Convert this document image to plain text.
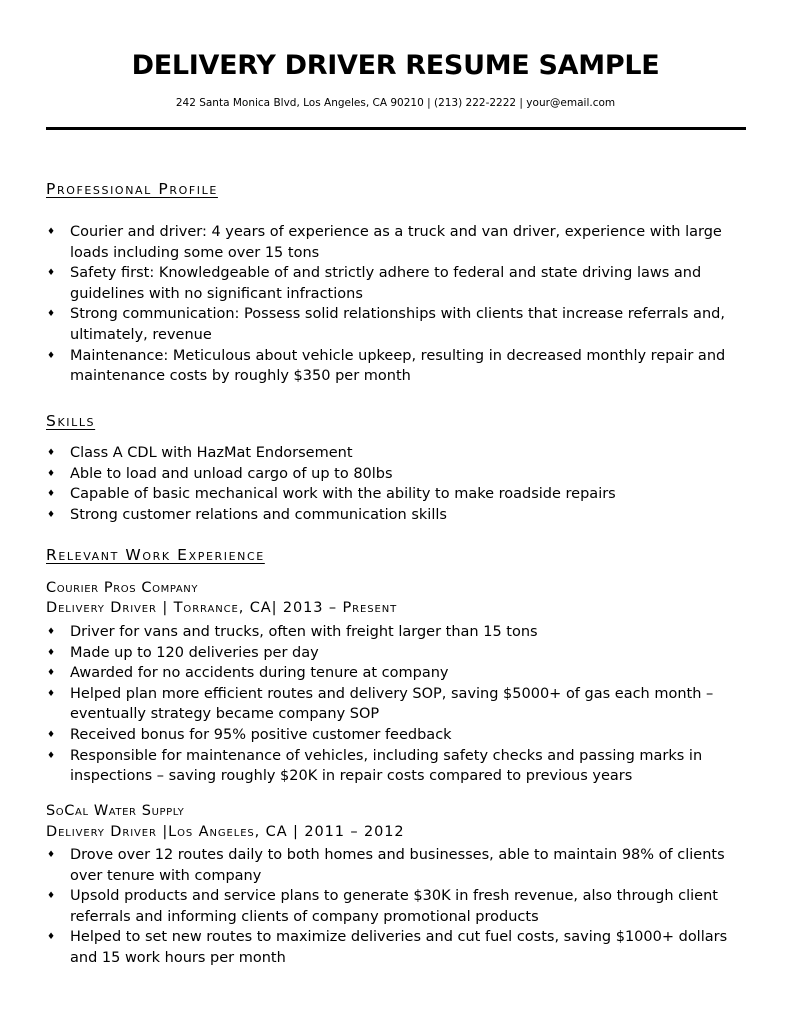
DELIVERY DRIVER RESUME SAMPLE
242 Santa Monica Blvd, Los Angeles, CA 90210 | (213) 222-2222 | your@email.com
Professional Profile
♦ Courier and driver: 4 years of experience as a truck and van driver, experience with large loads including some over 15 tons
♦ Safety first: Knowledgeable of and strictly adhere to federal and state driving laws and guidelines with no significant infractions
♦ Strong communication: Possess solid relationships with clients that increase referrals and, ultimately, revenue
♦ Maintenance: Meticulous about vehicle upkeep, resulting in decreased monthly repair and maintenance costs by roughly $350 per month
Skills
♦ Class A CDL with HazMat Endorsement
♦ Able to load and unload cargo of up to 80lbs
♦ Capable of basic mechanical work with the ability to make roadside repairs
♦ Strong customer relations and communication skills
Relevant Work Experience
Courier Pros Company
Delivery Driver | Torrance, CA| 2013 – Present
♦ Driver for vans and trucks, often with freight larger than 15 tons
♦ Made up to 120 deliveries per day
♦ Awarded for no accidents during tenure at company
♦ Helped plan more efficient routes and delivery SOP, saving $5000+ of gas each month – eventually strategy became company SOP
♦ Received bonus for 95% positive customer feedback
♦ Responsible for maintenance of vehicles, including safety checks and passing marks in inspections – saving roughly $20K in repair costs compared to previous years
SoCal Water Supply
Delivery Driver |Los Angeles, CA | 2011 – 2012
♦ Drove over 12 routes daily to both homes and businesses, able to maintain 98% of clients over tenure with company
♦ Upsold products and service plans to generate $30K in fresh revenue, also through client referrals and informing clients of company promotional products
♦ Helped to set new routes to maximize deliveries and cut fuel costs, saving $1000+ dollars and 15 work hours per month
